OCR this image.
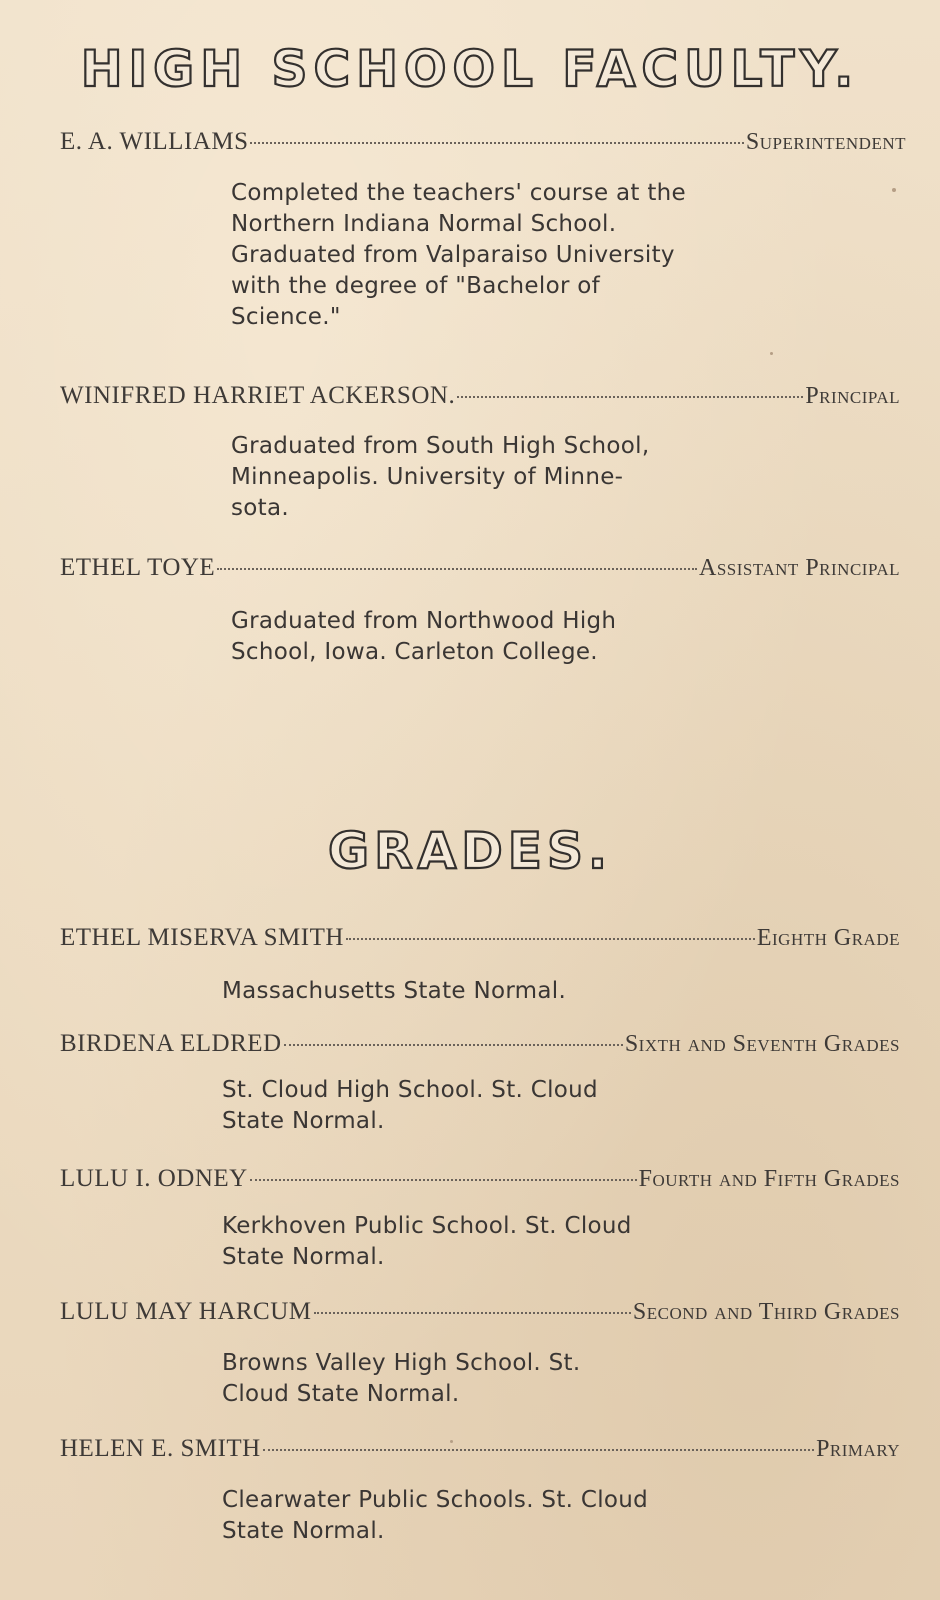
HIGH SCHOOL FACULTY.
E. A. WILLIAMS	Superintendent
Completed the teachers' course at the
Northern Indiana Normal School.
Graduated from Valparaiso University
with the degree of "Bachelor of
Science."
WINIFRED HARRIET ACKERSON.	Principal
Graduated from South High School,
Minneapolis. University of Minne-
sota.
ETHEL TOYE	Assistant Principal
Graduated from Northwood High
School, Iowa. Carleton College.
GRADES.
ETHEL MISERVA SMITH	Eighth Grade
Massachusetts State Normal.
BIRDENA ELDRED	Sixth and Seventh Grades
St. Cloud High School. St. Cloud
State Normal.
LULU I. ODNEY	Fourth and Fifth Grades
Kerkhoven Public School. St. Cloud
State Normal.
LULU MAY HARCUM	Second and Third Grades
Browns Valley High School. St.
Cloud State Normal.
HELEN E. SMITH	Primary
Clearwater Public Schools. St. Cloud
State Normal.
